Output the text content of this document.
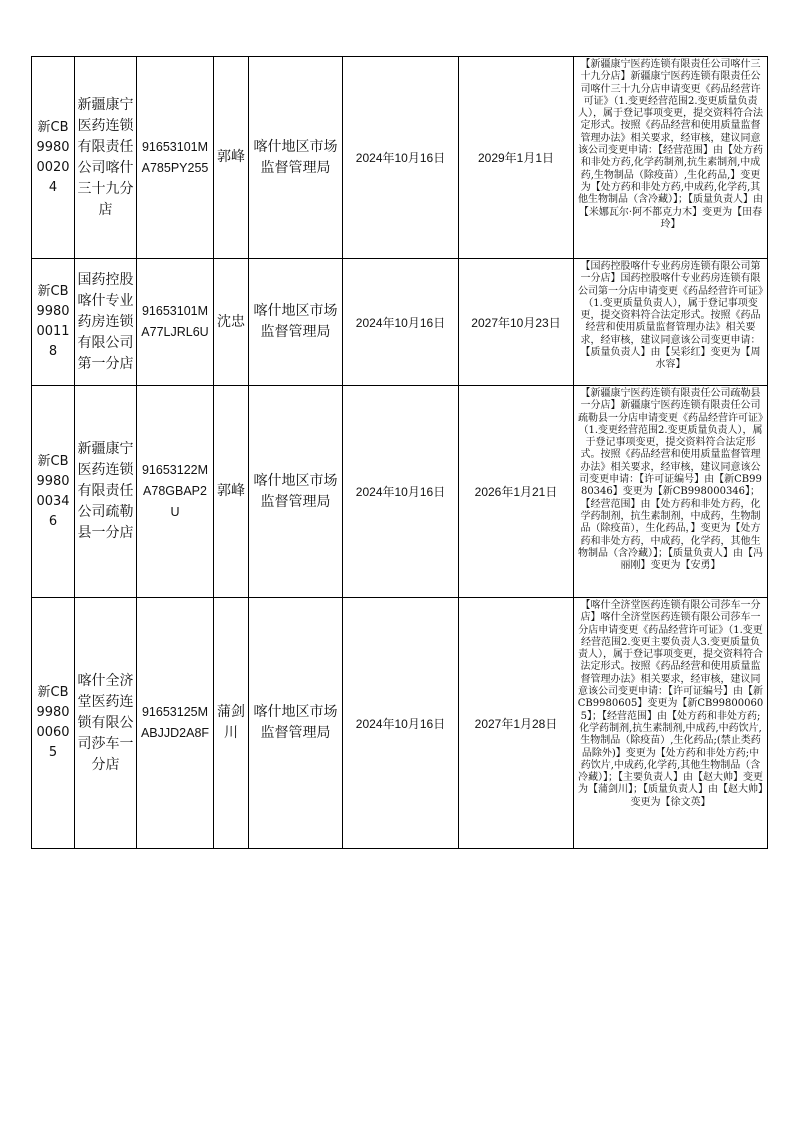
新CB99800020 4	新疆康宁医药连锁有限责任公司喀什三十九分店	91653101MA785PY255	郭峰	喀什地区市场监督管理局	2024年10月16日	2029年1月1日	【新疆康宁医药连锁有限责任公司喀什三十九分店】新疆康宁医药连锁有限责任公司喀什三十九分店申请变更《药品经营许可证》（1.变更经营范围2.变更质量负责人），属于登记事项变更，提交资料符合法定形式。按照《药品经营和使用质量监督管理办法》相关要求，经审核，建议同意该公司变更申请：【经营范围】由【处方药和非处方药,化学药制剂,抗生素制剂,中成药,生物制品（除疫苗）,生化药品,】变更为【处方药和非处方药,中成药,化学药,其他生物制品（含冷藏）】；【质量负责人】由【米娜瓦尔·阿不都克力木】变更为【田春玲】

新CB99800011 8	国药控股喀什专业药房连锁有限公司第一分店	91653101MA77LJRL6U	沈忠	喀什地区市场监督管理局	2024年10月16日	2027年10月23日	【国药控股喀什专业药房连锁有限公司第一分店】国药控股喀什专业药房连锁有限公司第一分店申请变更《药品经营许可证》（1.变更质量负责人），属于登记事项变更，提交资料符合法定形式。按照《药品经营和使用质量监督管理办法》相关要求，经审核，建议同意该公司变更申请：【质量负责人】由【吴彩红】变更为【周水容】

新CB99800034 6	新疆康宁医药连锁有限责任公司疏勒县一分店	91653122MA78GBAP2U	郭峰	喀什地区市场监督管理局	2024年10月16日	2026年1月21日	【新疆康宁医药连锁有限责任公司疏勒县一分店】新疆康宁医药连锁有限责任公司疏勒县一分店申请变更《药品经营许可证》（1.变更经营范围2.变更质量负责人），属于登记事项变更，提交资料符合法定形式。按照《药品经营和使用质量监督管理办法》相关要求，经审核，建议同意该公司变更申请：【许可证编号】由【新CB9980346】变更为【新CB998000346】；【经营范围】由【处方药和非处方药，化学药制剂，抗生素制剂，中成药，生物制品（除疫苗），生化药品，】变更为【处方药和非处方药，中成药，化学药，其他生物制品（含冷藏）】；【质量负责人】由【冯丽刚】变更为【安勇】

新CB99800060 5	喀什全济堂医药连锁有限公司莎车一分店	91653125MABJJD2A8F	蒲剑川	喀什地区市场监督管理局	2024年10月16日	2027年1月28日	【喀什全济堂医药连锁有限公司莎车一分店】喀什全济堂医药连锁有限公司莎车一分店申请变更《药品经营许可证》（1.变更经营范围2.变更主要负责人3.变更质量负责人），属于登记事项变更，提交资料符合法定形式。按照《药品经营和使用质量监督管理办法》相关要求，经审核，建议同意该公司变更申请：【许可证编号】由【新CB9980605】变更为【新CB998000605】；【经营范围】由【处方药和非处方药;化学药制剂,抗生素制剂,中成药,中药饮片,生物制品（除疫苗）,生化药品;(禁止类药品除外)】变更为【处方药和非处方药;中药饮片,中成药,化学药,其他生物制品（含冷藏）】；【主要负责人】由【赵大帅】变更为【蒲剑川】；【质量负责人】由【赵大帅】变更为【徐文英】
